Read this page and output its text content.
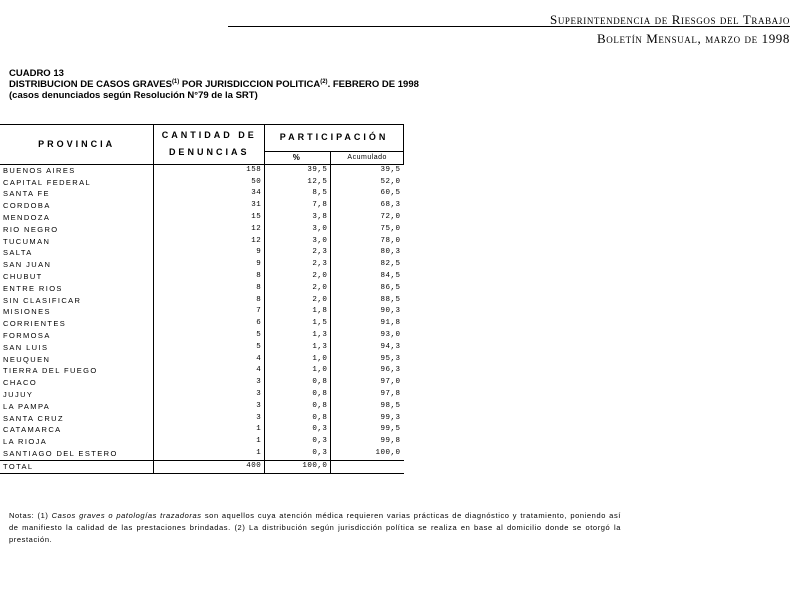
Superintendencia de Riesgos del Trabajo
Boletín Mensual, marzo de 1998
CUADRO 13
DISTRIBUCION DE CASOS GRAVES$^{(1)}$ POR JURISDICCION POLITICA$^{(2)}$. FEBRERO DE 1998
(casos denunciados según Resolución N°79 de la SRT)
PROVINCIA	CANTIDAD DE DENUNCIAS	PARTICIPACIÓN	
		%	Acumulado
BUENOS AIRES	158	39,5	39,5
CAPITAL FEDERAL	50	12,5	52,0
SANTA FE	34	8,5	60,5
CORDOBA	31	7,8	68,3
MENDOZA	15	3,8	72,0
RIO NEGRO	12	3,0	75,0
TUCUMAN	12	3,0	78,0
SALTA	9	2,3	80,3
SAN JUAN	9	2,3	82,5
CHUBUT	8	2,0	84,5
ENTRE RIOS	8	2,0	86,5
SIN CLASIFICAR	8	2,0	88,5
MISIONES	7	1,8	90,3
CORRIENTES	6	1,5	91,8
FORMOSA	5	1,3	93,0
SAN LUIS	5	1,3	94,3
NEUQUEN	4	1,0	95,3
TIERRA DEL FUEGO	4	1,0	96,3
CHACO	3	0,8	97,0
JUJUY	3	0,8	97,8
LA PAMPA	3	0,8	98,5
SANTA CRUZ	3	0,8	99,3
CATAMARCA	1	0,3	99,5
LA RIOJA	1	0,3	99,8
SANTIAGO DEL ESTERO	1	0,3	100,0
TOTAL	400	100,0	
Notas: (1) Casos graves o patologías trazadoras son aquellos cuya atención médica requieren varias prácticas de diagnóstico y tratamiento, poniendo así de manifiesto la calidad de las prestaciones brindadas. (2) La distribución según jurisdicción política se realiza en base al domicilio donde se otorgó la prestación.
